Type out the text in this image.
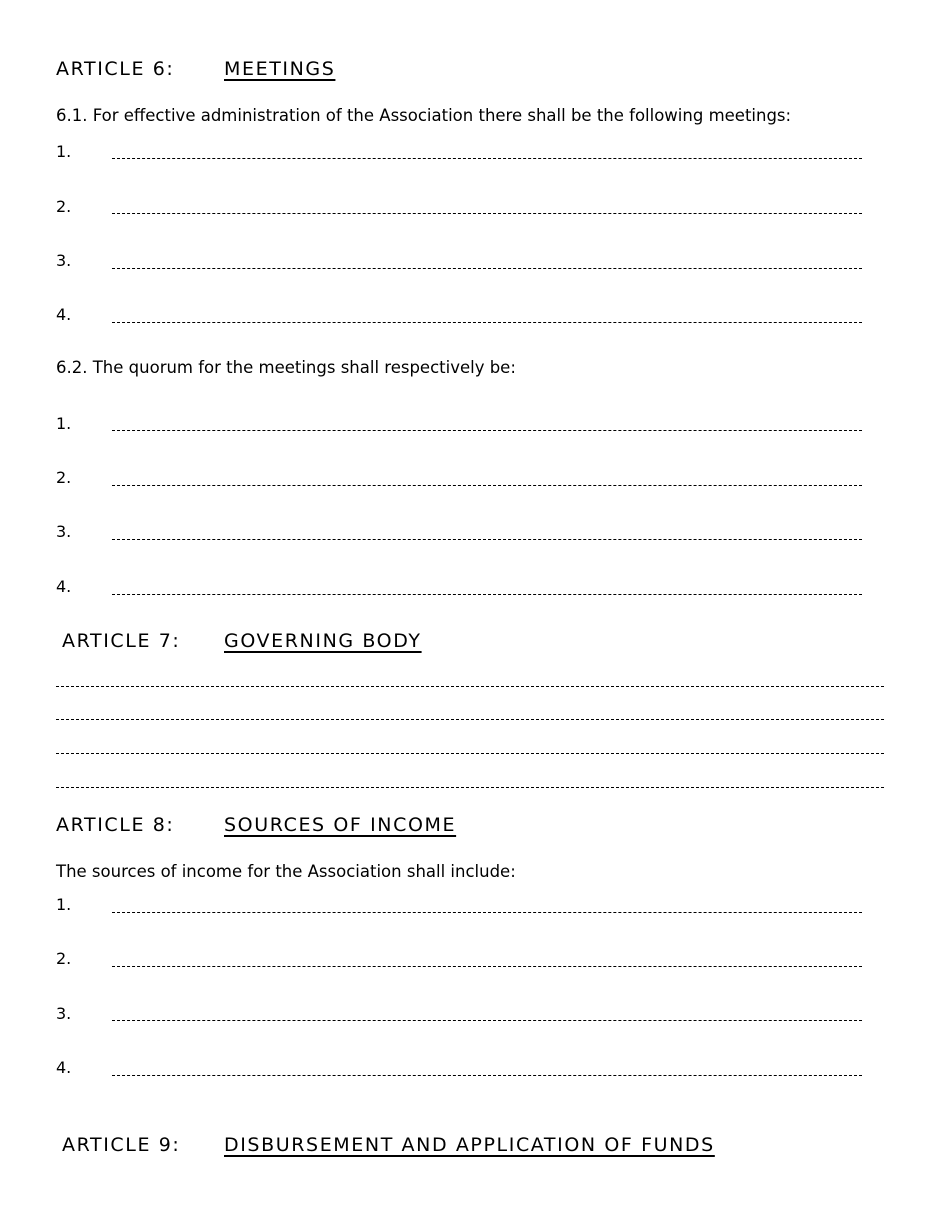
ARTICLE 6:	MEETINGS

6.1. For effective administration of the Association there shall be the following meetings:

1.
2.
3.
4.

6.2. The quorum for the meetings shall respectively be:

1.
2.
3.
4.
ARTICLE 7: GOVERNING BODY
ARTICLE 8:	SOURCES OF INCOME

The sources of income for the Association shall include:

1.
2.
3.
4.
ARTICLE 9: DISBURSEMENT AND APPLICATION OF FUNDS
